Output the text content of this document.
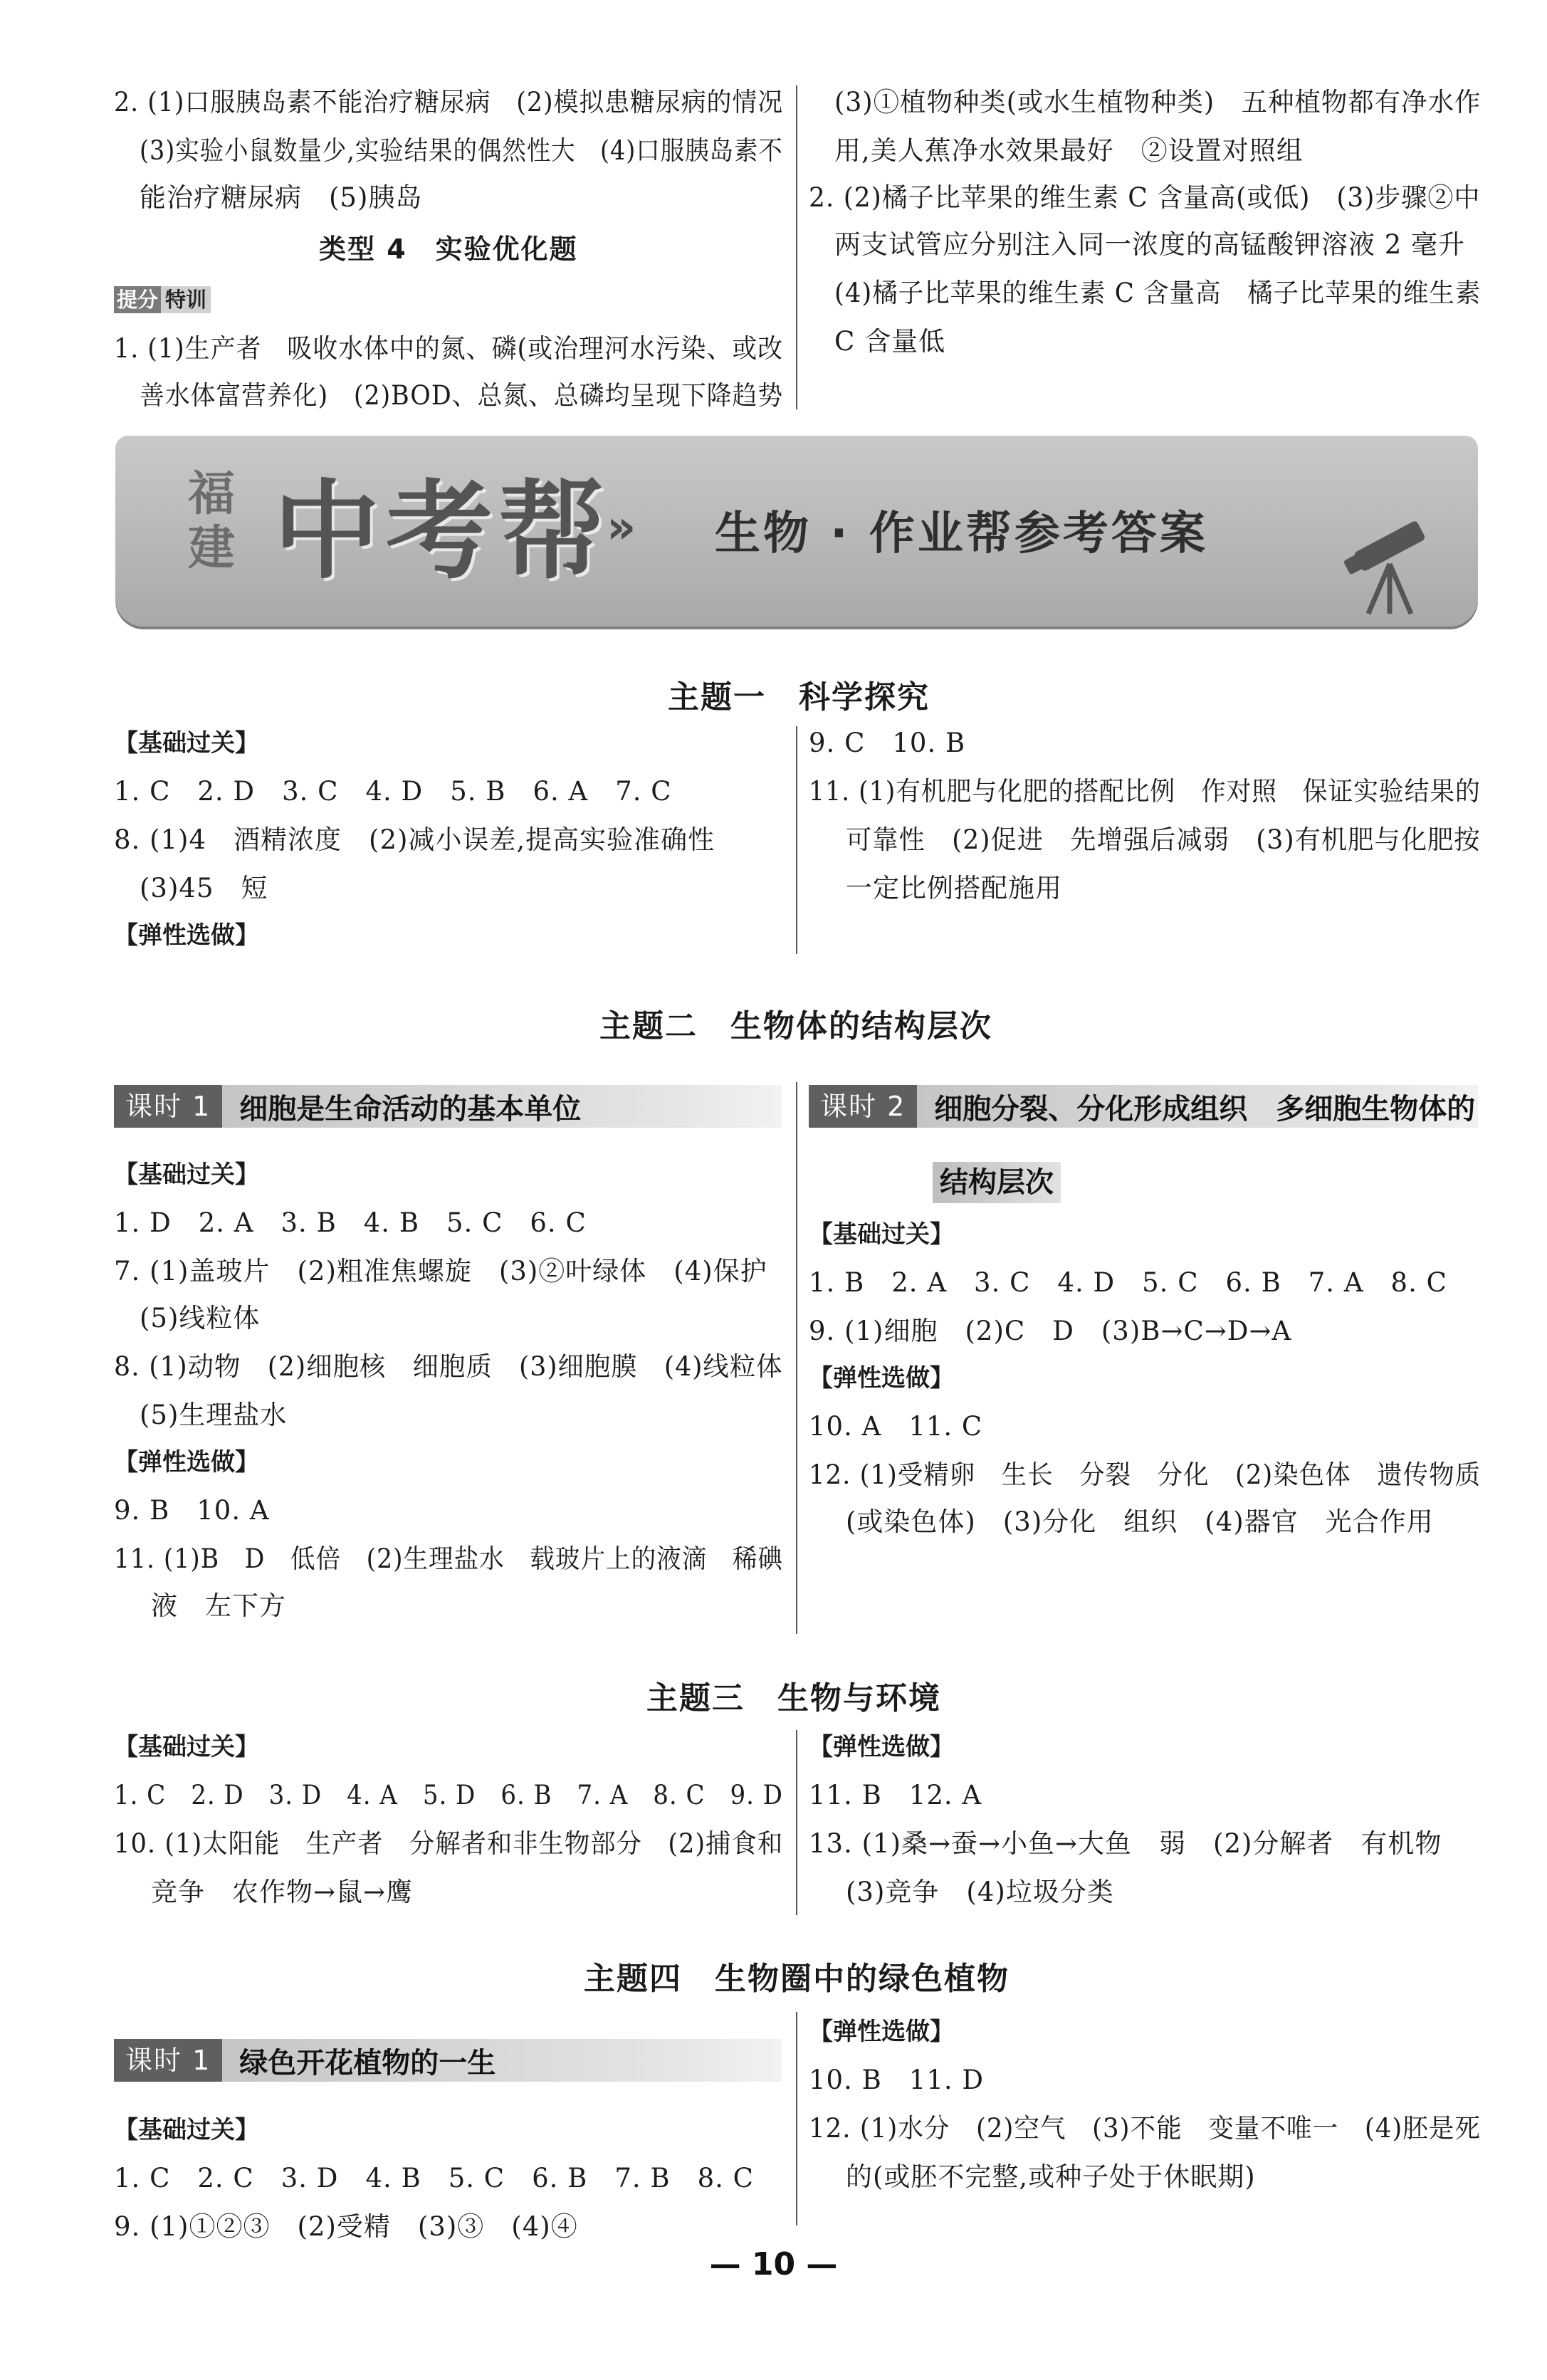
2. (1)口服胰岛素不能治疗糖尿病　(2)模拟患糖尿病的情况
(3)实验小鼠数量少,实验结果的偶然性大　(4)口服胰岛素不
能治疗糖尿病　(5)胰岛
类型 4　实验优化题
提分 特训
1. (1)生产者　吸收水体中的氮、磷(或治理河水污染、或改
善水体富营养化)　(2)BOD、总氮、总磷均呈现下降趋势
(3)①植物种类(或水生植物种类)　五种植物都有净水作
用,美人蕉净水效果最好　②设置对照组
2. (2)橘子比苹果的维生素 C 含量高(或低)　(3)步骤②中
两支试管应分别注入同一浓度的高锰酸钾溶液 2 毫升
(4)橘子比苹果的维生素 C 含量高　橘子比苹果的维生素
C 含量低
福
建 中考帮
» 生物 · 作业帮参考答案
主题一　科学探究
【基础过关】
1. C　2. D　3. C　4. D　5. B　6. A　7. C
8. (1)4　酒精浓度　(2)减小误差,提高实验准确性
(3)45　短
【弹性选做】
9. C　10. B
11. (1)有机肥与化肥的搭配比例　作对照　保证实验结果的
可靠性　(2)促进　先增强后减弱　(3)有机肥与化肥按
一定比例搭配施用
主题二　生物体的结构层次
课时 1	细胞是生命活动的基本单位	课时 2	细胞分裂、分化形成组织　多细胞生物体的
结构层次
【基础过关】
1. D　2. A　3. B　4. B　5. C　6. C
7. (1)盖玻片　(2)粗准焦螺旋　(3)②叶绿体　(4)保护
(5)线粒体
8. (1)动物　(2)细胞核　细胞质　(3)细胞膜　(4)线粒体
(5)生理盐水
【弹性选做】
9. B　10. A
11. (1)B　D　低倍　(2)生理盐水　载玻片上的液滴　稀碘
液　左下方
【基础过关】
1. B　2. A　3. C　4. D　5. C　6. B　7. A　8. C
9. (1)细胞　(2)C　D　(3)B→C→D→A
【弹性选做】
10. A　11. C
12. (1)受精卵　生长　分裂　分化　(2)染色体　遗传物质
(或染色体)　(3)分化　组织　(4)器官　光合作用
主题三　生物与环境
【基础过关】
1. C　2. D　3. D　4. A　5. D　6. B　7. A　8. C　9. D
10. (1)太阳能　生产者　分解者和非生物部分　(2)捕食和
竞争　农作物→鼠→鹰
【弹性选做】
11. B　12. A
13. (1)桑→蚕→小鱼→大鱼　弱　(2)分解者　有机物
(3)竞争　(4)垃圾分类
主题四　生物圈中的绿色植物
课时 1	绿色开花植物的一生
【基础过关】
1. C　2. C　3. D　4. B　5. C　6. B　7. B　8. C
9. (1)①②③　(2)受精　(3)③　(4)④
【弹性选做】
10. B　11. D
12. (1)水分　(2)空气　(3)不能　变量不唯一　(4)胚是死
的(或胚不完整,或种子处于休眠期)
— 10 —
